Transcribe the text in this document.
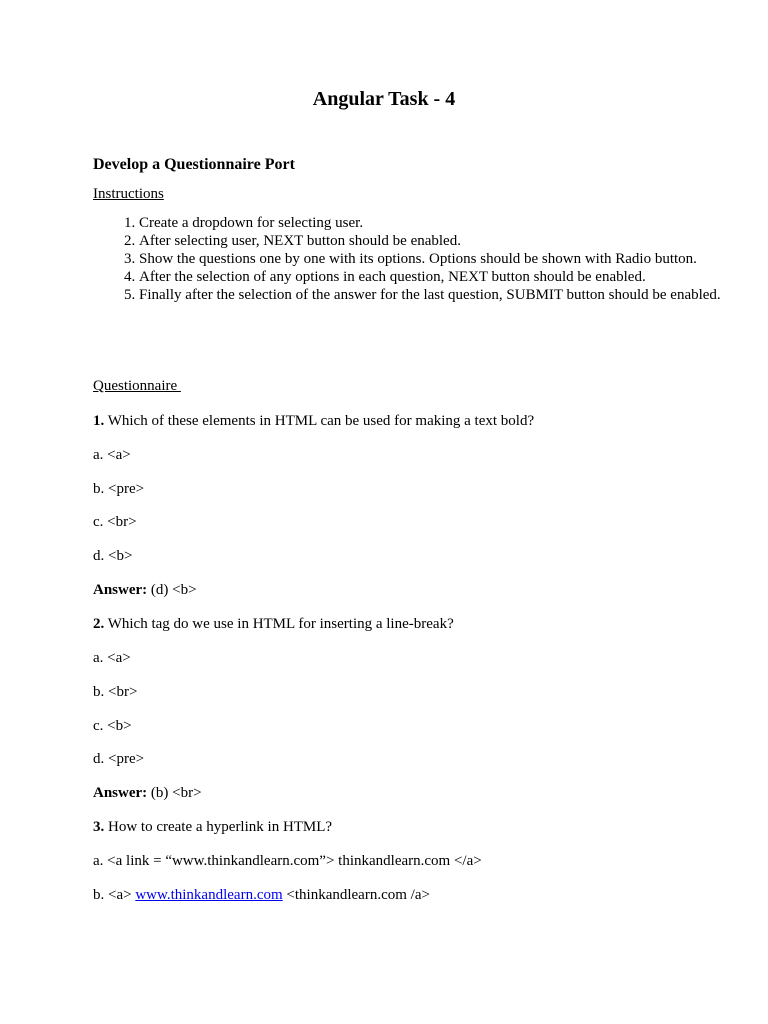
Angular Task - 4
Develop a Questionnaire Port
Instructions
1. Create a dropdown for selecting user.
2. After selecting user, NEXT button should be enabled.
3. Show the questions one by one with its options. Options should be shown with Radio button.
4. After the selection of any options in each question, NEXT button should be enabled.
5. Finally after the selection of the answer for the last question, SUBMIT button should be enabled.
Questionnaire
1. Which of these elements in HTML can be used for making a text bold?
a. <a>
b. <pre>
c. <br>
d. <b>
Answer: (d) <b>
2. Which tag do we use in HTML for inserting a line-break?
a. <a>
b. <br>
c. <b>
d. <pre>
Answer: (b) <br>
3. How to create a hyperlink in HTML?
a. <a link = “www.thinkandlearn.com”> thinkandlearn.com </a>
b. <a> www.thinkandlearn.com <thinkandlearn.com /a>
